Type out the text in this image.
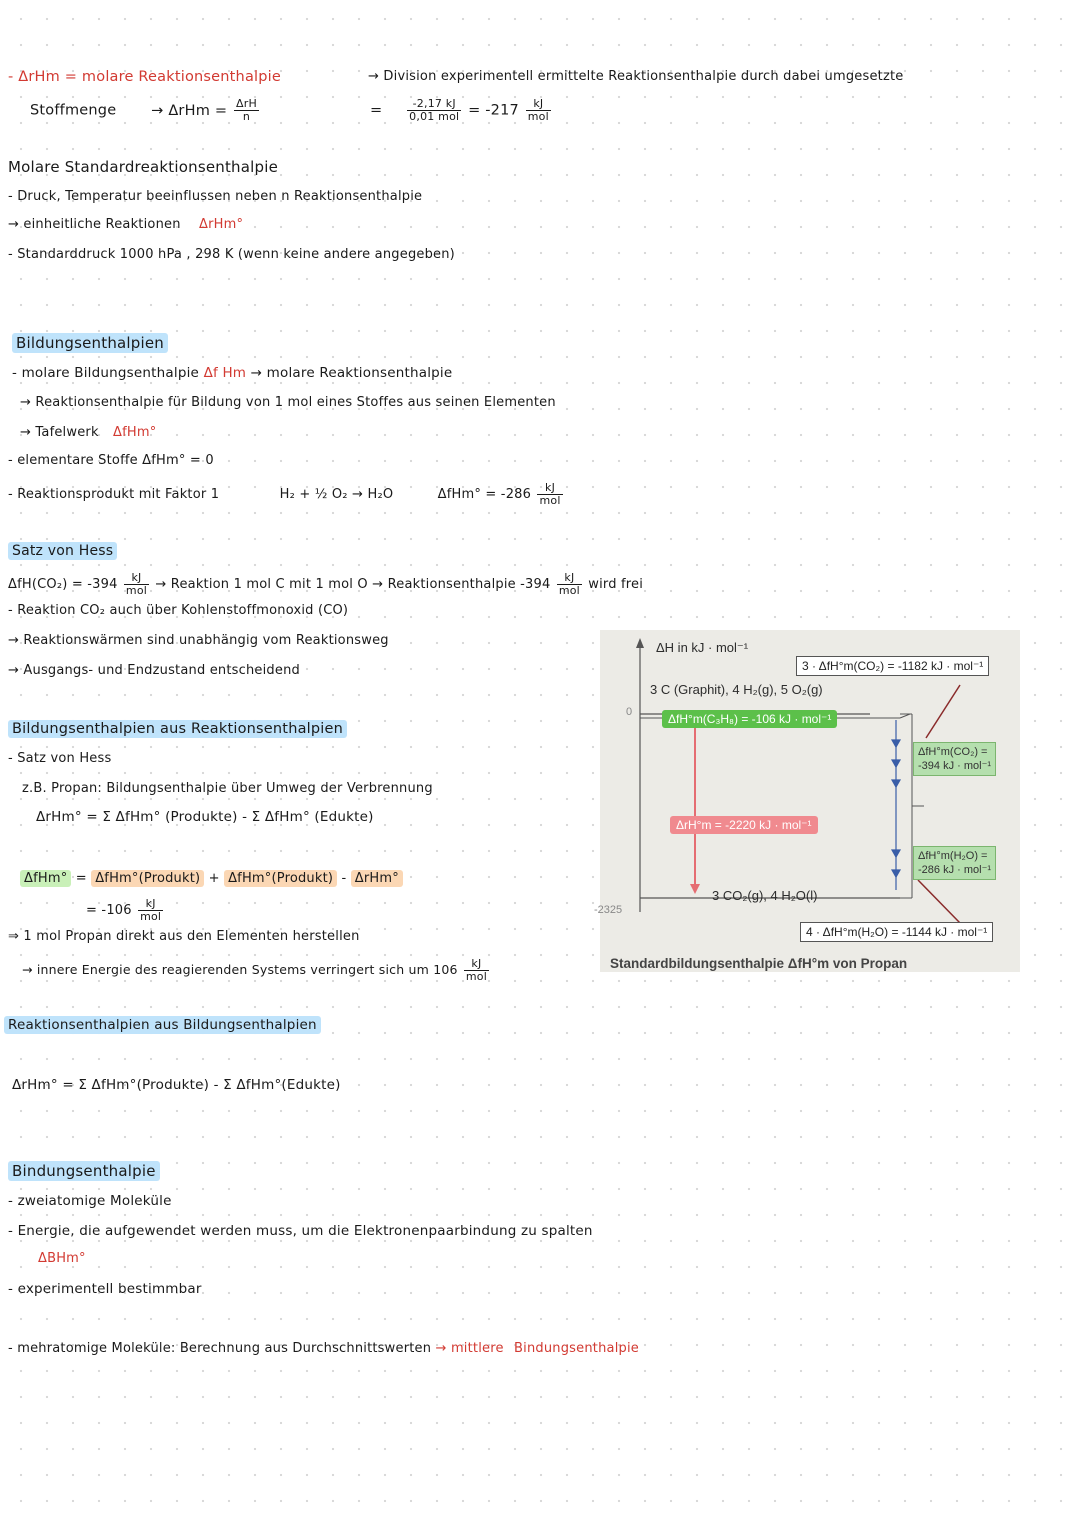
- ΔrHm = molare Reaktionsenthalpie	→ Division experimentell ermittelte Reaktionsenthalpie durch dabei umgesetzte
Stoffmenge → $\Delta rHm = \frac{\text{ΔrH}}{n}$	= $\frac{-2,17 kJ}{\text{0,01 mol}} = -217 \frac{kJ}{\text{mol}}$
Molare Standardreaktionsenthalpie
- Druck, Temperatur beeinflussen neben n Reaktionsenthalpie
→ einheitliche Reaktionen ΔrHm°
- Standarddruck 1000 hPa , 298 K (wenn keine andere angegeben)
Bildungsenthalpien
- molare Bildungsenthalpie Δf Hm → molare Reaktionsenthalpie
→ Reaktionsenthalpie für Bildung von 1 mol eines Stoffes aus seinen Elementen
→ Tafelwerk ΔfHm°
- elementare Stoffe ΔfHm° = 0
- Reaktionsprodukt mit Faktor 1	H₂ + ½ O₂ → H₂O	$\Delta fHm^\circ = -286 \frac{kJ}{\text{mol}}$
Satz von Hess
$\Delta fH(CO_2) = -394 \frac{kJ}{\text{mol}}$ → Reaktion 1 mol C mit 1 mol O → Reaktionsenthalpie $-394 \frac{kJ}{\text{mol}}$ wird frei
- Reaktion CO₂ auch über Kohlenstoffmonoxid (CO)
→ Reaktionswärmen sind unabhängig vom Reaktionsweg
→ Ausgangs- und Endzustand entscheidend
Bildungsenthalpien aus Reaktionsenthalpien
- Satz von Hess
z.B. Propan: Bildungsenthalpie über Umweg der Verbrennung
ΔrHm° = Σ ΔfHm° (Produkte) - Σ ΔfHm° (Edukte)
ΔfHm° = ΔfHm°(Produkt) + ΔfHm°(Produkt) - ΔrHm°
= $-106 \frac{kJ}{\text{mol}}$
⇒ 1 mol Propan direkt aus den Elementen herstellen
→ innere Energie des reagierenden Systems verringert sich um $106 \frac{kJ}{\text{mol}}$
Reaktionsenthalpien aus Bildungsenthalpien
ΔrHm° = Σ ΔfHm°(Produkte) - Σ ΔfHm°(Edukte)
Bindungsenthalpie
- zweiatomige Moleküle
- Energie, die aufgewendet werden muss, um die Elektronenpaarbindung zu spalten
ΔBHm°
- experimentell bestimmbar
- mehratomige Moleküle: Berechnung aus Durchschnittswerten → mittlere Bindungsenthalpie
ΔH in kJ · mol⁻¹
0
-2325
3 · ΔfH°m(CO₂) = -1182 kJ · mol⁻¹
3 C (Graphit), 4 H₂(g), 5 O₂(g)
ΔfH°m(C₃H₈) = -106 kJ · mol⁻¹
ΔrH°m = -2220 kJ · mol⁻¹
ΔfH°m(CO₂) =
-394 kJ · mol⁻¹
ΔfH°m(H₂O) =
-286 kJ · mol⁻¹
3 CO₂(g), 4 H₂O(l)
4 · ΔfH°m(H₂O) = -1144 kJ · mol⁻¹
Standardbildungsenthalpie ΔfH°m von Propan
